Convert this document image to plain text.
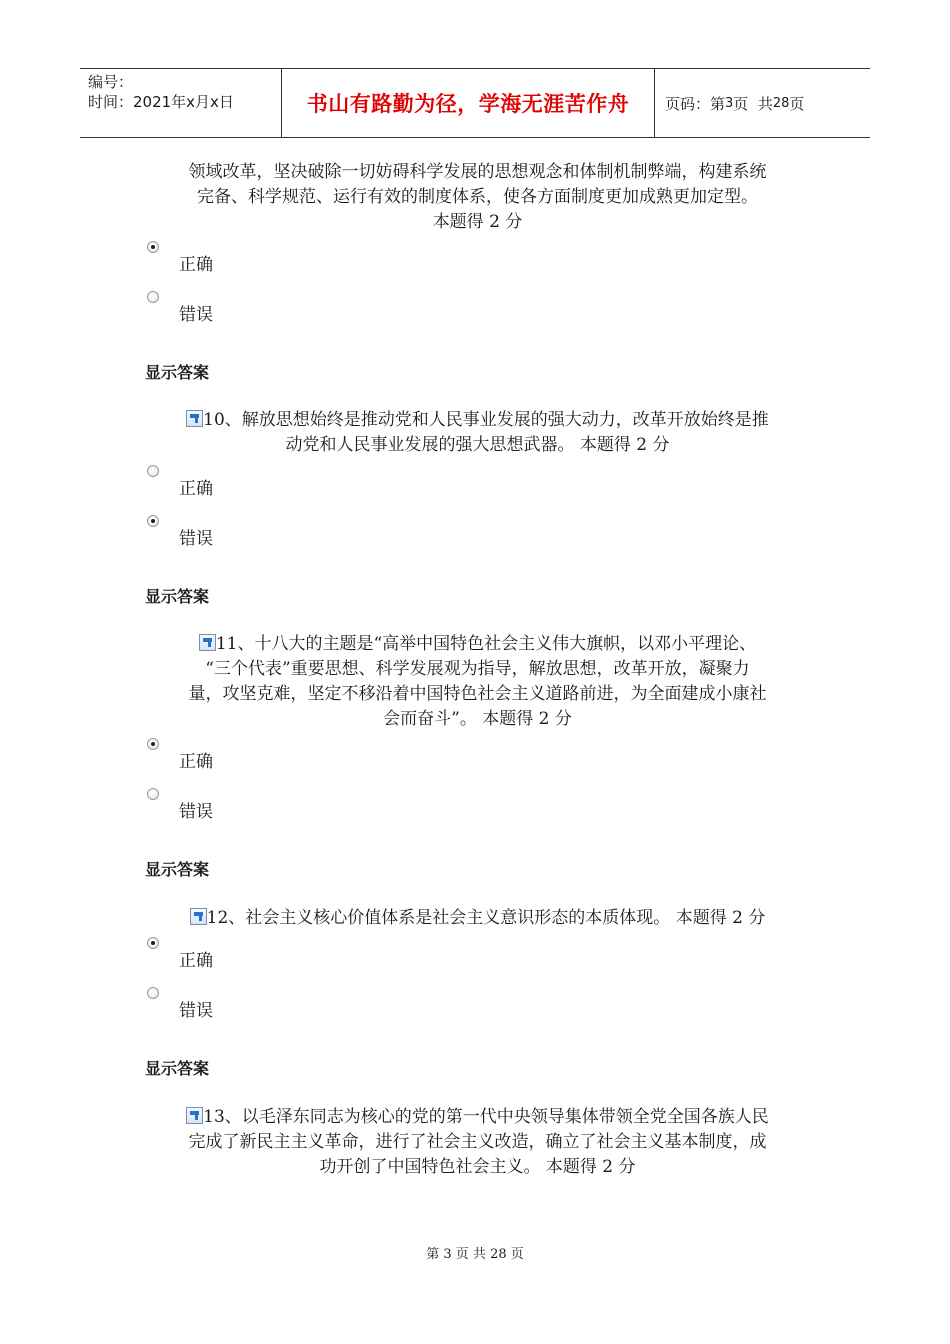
编号：
时间：2021年x月x日	书山有路勤为径，学海无涯苦作舟	页码：第 3 页  共 28 页
领域改革，坚决破除一切妨碍科学发展的思想观念和体制机制弊端，构建系统
完备、科学规范、运行有效的制度体系，使各方面制度更加成熟更加定型。
本题得 2 分
正确
错误
显示答案
10、解放思想始终是推动党和人民事业发展的强大动力，改革开放始终是推
动党和人民事业发展的强大思想武器。 本题得 2 分
正确
错误
显示答案
11、十八大的主题是“高举中国特色社会主义伟大旗帜，以邓小平理论、
“三个代表”重要思想、科学发展观为指导，解放思想，改革开放，凝聚力
量，攻坚克难，坚定不移沿着中国特色社会主义道路前进，为全面建成小康社
会而奋斗”。 本题得 2 分
正确
错误
显示答案
12、社会主义核心价值体系是社会主义意识形态的本质体现。 本题得 2 分
正确
错误
显示答案
13、以毛泽东同志为核心的党的第一代中央领导集体带领全党全国各族人民
完成了新民主主义革命，进行了社会主义改造，确立了社会主义基本制度，成
功开创了中国特色社会主义。 本题得 2 分
第 3 页 共 28 页
